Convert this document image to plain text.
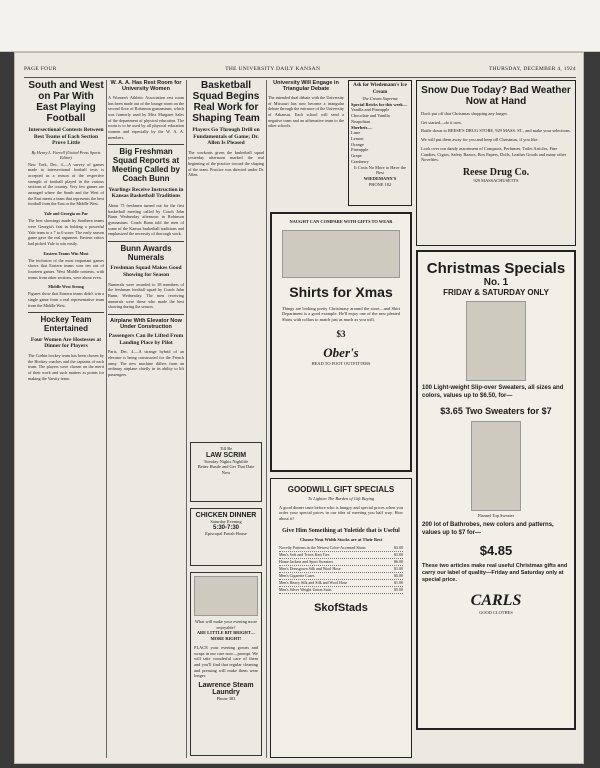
PAGE FOUR	THE UNIVERSITY DAILY KANSAN	THURSDAY, DECEMBER 4, 1924
South and West on Par With East Playing Football
Intersectional Contests Between Best Teams of Each Section Prove Little
By Henry L. Farrell (United Press Sports Editor)
New York, Dec. 4.—A survey of games made in intersectional football tests is accepted as a reason of the respective strength of football played in the various sections of the country. Very few games are arranged where the South and the West of the East meets a team that represents the best football from the East or the Middle West.
Yale and Georgia on Par
The best showings made by Southern teams were Georgia's feat in holding a powerful Yale team to a 7 to 6 score. The early season game gave the real argument. Eastern critics had picked Yale to win easily.
Eastern Teams Win Most
The inclusion of the most important games shows that Eastern teams won ten out of fourteen games. West Middle contests, with teams from other sections, were about even.
Middle West Strong
Figures show that Eastern teams didn't win a single game from a real representative team from the Middle West.
Hockey Team Entertained
Four Women Are Hostesses at Dinner for Players
The Corbin hockey team has been chosen by the Hockey coaches and the captains of each team. The players were chosen on the merit of their work and such matters as points for making the Varsity team.
W. A. A. Has Rest Room for University Women
A Women's Athletic Association rest room has been made out of the lounge room on the second floor of Robinson gymnasium, which was formerly used by Miss Margaret Sales of the department of physical education. The room is to be used by all physical education women and especially by the W. A. A. members.
Big Freshman Squad Reports at Meeting Called by Coach Bunn
Yearlings Receive Instruction in Kansas Basketball Traditions
About 75 freshmen turned out for the first basketball meeting called by Coach John Bunn Wednesday afternoon in Robinson gymnasium. Coach Bunn told the men of some of the Kansas basketball traditions and emphasized the necessity of thorough work.
Bunn Awards Numerals
Freshman Squad Makes Good Showing for Season
Numerals were awarded to 38 members of the freshman football squad by Coach John Bunn, Wednesday. The men receiving numerals were those who made the best showing during the season.
Airplane With Elevator Now Under Construction
Passengers Can Be Lifted From Landing Place by Pilot
Paris, Dec. 4.—A strange hybrid of an elevator is being constructed for the French army. The new machine differs from an ordinary airplane chiefly in its ability to lift passengers.
Basketball Squad Begins Real Work for Shaping Team
Players Go Through Drill on Fundamentals of Game; Dr. Allen Is Pleased
The workouts given the basketball squad yesterday afternoon marked the real beginning of the practice toward the shaping of the team. Practice was directed under Dr. Allen.
Till Be
LAW SCRIM
Tuesday Nights Nightlife
Better Hustle and Get That Date Now
CHICKEN DINNER
Saturday Evening
5:30-7:30
Episcopal Parish House
What will make your evening more enjoyable?
ARE LITTLE BIT BRIGHT—
MORE RIGHT!
PLACE your evening gowns and wraps in our care now—prompt. We will take wonderful care of them and you'll find that regular cleaning and pressing will make them wear longer.
Lawrence Steam Laundry
Phone 383
University Will Engage in Triangular Debate
The intended dual debate with the University of Missouri has now become a triangular debate through the entrance of the University of Arkansas. Each school will send a negative team and an affirmative team to the other schools.
Ask for Wiedemann's Ice Cream
The Cream Supreme
Special Bricks for this week—
Vanilla and Pineapple
Chocolate and Vanilla
Neapolitan
Sherbets—
Lime
Lemon
Orange
Pineapple
Grape
Cranberry
It Costs No More to Have the Best
WIEDEMANN'S
PHONE 182
NAUGHT CAN COMPARE WITH GIFTS TO WEAR
Shirts for Xmas
Things are looking pretty Christmasy around the store—and Shirt Department is a good example. He'll enjoy one of the new pleated Shirts with collars to match just as much as you will.
$3
Ober's
HEAD TO FOOT OUTFITTERS
GOODWILL GIFT SPECIALS
To Lighten The Burden of Gift Buying
A good dinner taste before who is hungry and special prices when you order your special prices in our idea of meeting you half way. How about it?
Give Him Something at Yuletide that is Useful
Choose Neat Width Stocks are at Their Best
Novelty Patterns in the Newest Color-Accented Shirts	$3.00
Men's Soft and Tricot Knit Ties	$1.00
Home Jackets and Sport Sweaters	$6.00
Men's Dressgown Silk and Wool Hose	$1.00
Men's Cigarette Cases	$5.00
Men's Heavy Silk and Silk and Wool Hose	$1.00
Men's Silver Weight Union Suits	$5.00
SkofStads
Snow Due Today? Bad Weather Now at Hand
Don't put off that Christmas shopping any longer.
Get started—do it now.
Battle down to REESE'S DRUG STORE, 929 MASS. ST., and make your selections.
We will put them away for you and keep till Christmas, if you like.
Look over our dandy assortment of Compacts, Perfumes, Toilet Articles, Fine Candies, Cigars, Safety Razors, Box Papers, Dolls, Leather Goods and many other Novelties.
Reese Drug Co.
929 MASSACHUSETTS
Christmas Specials
No. 1
FRIDAY & SATURDAY ONLY
100 Light-weight Slip-over Sweaters, all sizes and colors, values up to $6.50, for—
$3.65 Two Sweaters for $7
Flannel Top Sweater
200 lot of Bathrobes, new colors and patterns, values up to $7 for—
$4.85
These two articles make real useful Christmas gifts and carry our label of quality—Friday and Saturday only at special price.
CARLS
GOOD CLOTHES
